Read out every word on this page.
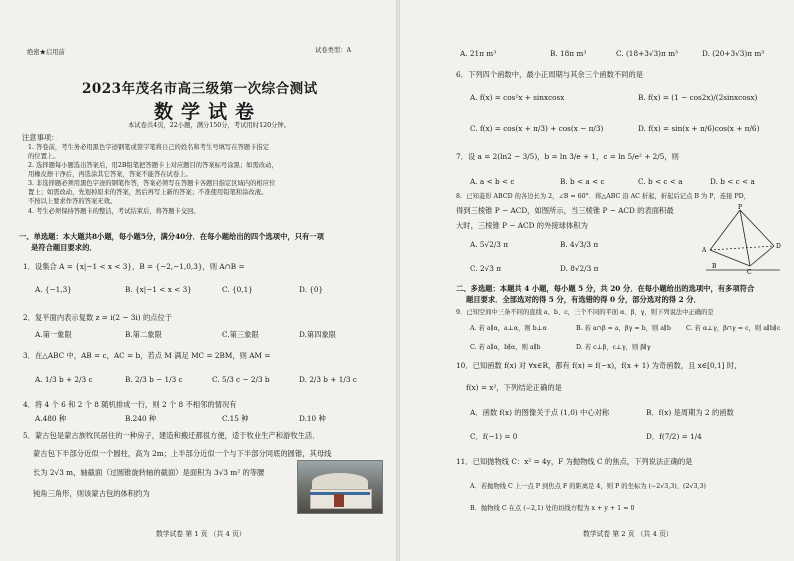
绝密★启用前	试卷类型：A
2023年茂名市高三级第一次综合测试
数学试卷
本试卷共4页，22小题，满分150分，考试用时120分钟。
注意事项：
1. 答卷前，考生务必用黑色字迹钢笔或签字笔将自己的姓名和考生号填写在答题卡指定
的位置上。
2. 选择题每小题选出答案后，用2B铅笔把答题卡上对应题目的答案标号涂黑；如需改动，
用橡皮擦干净后，再选涂其它答案，答案不能答在试卷上。
3. 非选择题必须用黑色字迹的钢笔作答，答案必须写在答题卡各题目指定区域内的相应位
置上；如需改动，先划掉原来的答案，然后再写上新的答案；不准使用铅笔和涂改液。
不按以上要求作答的答案无效。
4. 考生必须保持答题卡的整洁，考试结束后，将答题卡交回。
一、单选题：本大题共8小题，每小题5分，满分40分．在每小题给出的四个选项中，只有一项
是符合题目要求的．
1．设集合 A = {x|−1 < x < 3}，B = {−2,−1,0,3}，则 A∩B =
A. {−1,3}	B. {x|−1 < x < 3}	C. {0,1}	D. {0}
2．复平面内表示复数 z = i(2 − 3i) 的点位于
A.第一象限	B.第二象限	C.第三象限	D.第四象限
3．在△ABC 中，AB = c，AC = b，若点 M 满足 MC = 2BM，则 AM =
A. 1/3 b + 2/3 c	B. 2/3 b − 1/3 c	C. 5/3 c − 2/3 b	D. 2/3 b + 1/3 c
4．将 4 个 6 和 2 个 8 随机排成一行，则 2 个 8 不相邻的情况有
A.480 种	B.240 种	C.15 种	D.10 种
5．蒙古包是蒙古族牧民居住的一种房子，建造和搬迁都很方便，适于牧业生产和游牧生活．
蒙古包下半部分近似一个圆柱，高为 2m；上半部分近似一个与下半部分同底的圆锥，其母线
长为 2√3 m，轴截面（过圆锥旋转轴的截面）是面积为 3√3 m² 的等腰
钝角三角形，则该蒙古包的体积约为
数学试卷 第 1 页 （共 4 页）
A. 21π m³	B. 18π m³	C. (18+3√3)π m³	D. (20+3√3)π m³
6．下列四个函数中，最小正周期与其余三个函数不同的是
A. f(x) = cos²x + sinxcosx	B. f(x) = (1 − cos2x)/(2sinxcosx)
C. f(x) = cos(x + π/3) + cos(x − π/3)	D. f(x) = sin(x + π/6)cos(x + π/6)
7．设 a = 2(ln2 − 3/5)，b = ln 3/e + 1，c = ln 5/e² + 2/5，则
A. a < b < c	B. b < a < c	C. b < c < a	D. b < c < a
8．已知菱形 ABCD 的各边长为 2，∠B = 60°．将△ABC 沿 AC 折起，折起后记点 B 为 P，连接 PD，
得到三棱锥 P − ACD，如图所示，当三棱锥 P − ACD 的表面积最
大时，三棱锥 P − ACD 的外接球体积为
A. 5√2/3 π	B. 4√3/3 π
C. 2√3 π	D. 8√2/3 π
P
A
B
C
D
二、多选题：本题共 4 小题，每小题 5 分，共 20 分．在每小题给出的选项中，有多项符合
题目要求．全部选对的得 5 分，有选错的得 0 分，部分选对的得 2 分．
9．已知空间中三条不同的直线 a、b、c，三个不同的平面 α、β、γ，则下列说法中正确的是
A. 若 a∥α，a⊥α，则 b⊥α	B. 若 a∩β = a，βγ = b，则 a∥b C. 若 α⊥γ，β∩γ = c，则 a∥b∥c
C. 若 a∥α，b∥α，则 a∥b	D. 若 c⊥β，c⊥γ，则 β∥γ
10．已知函数 f(x) 对 ∀x∈R，都有 f(x) = f(−x)，f(x + 1) 为奇函数，且 x∈[0,1] 时，
f(x) = x²，下列结论正确的是
A．函数 f(x) 的图像关于点 (1,0) 中心对称	B．f(x) 是周期为 2 的函数
C．f(−1) = 0	D．f(7/2) = 1/4
11．已知抛物线 C：x² = 4y，F 为抛物线 C 的焦点，下列说法正确的是
A．若抛物线 C 上一点 P 到焦点 F 的距离是 4，则 P 的坐标为 (−2√3,3)、(2√3,3)
B．抛物线 C 在点 (−2,1) 处的切线方程为 x + y + 1 = 0
数学试卷 第 2 页 （共 4 页）
